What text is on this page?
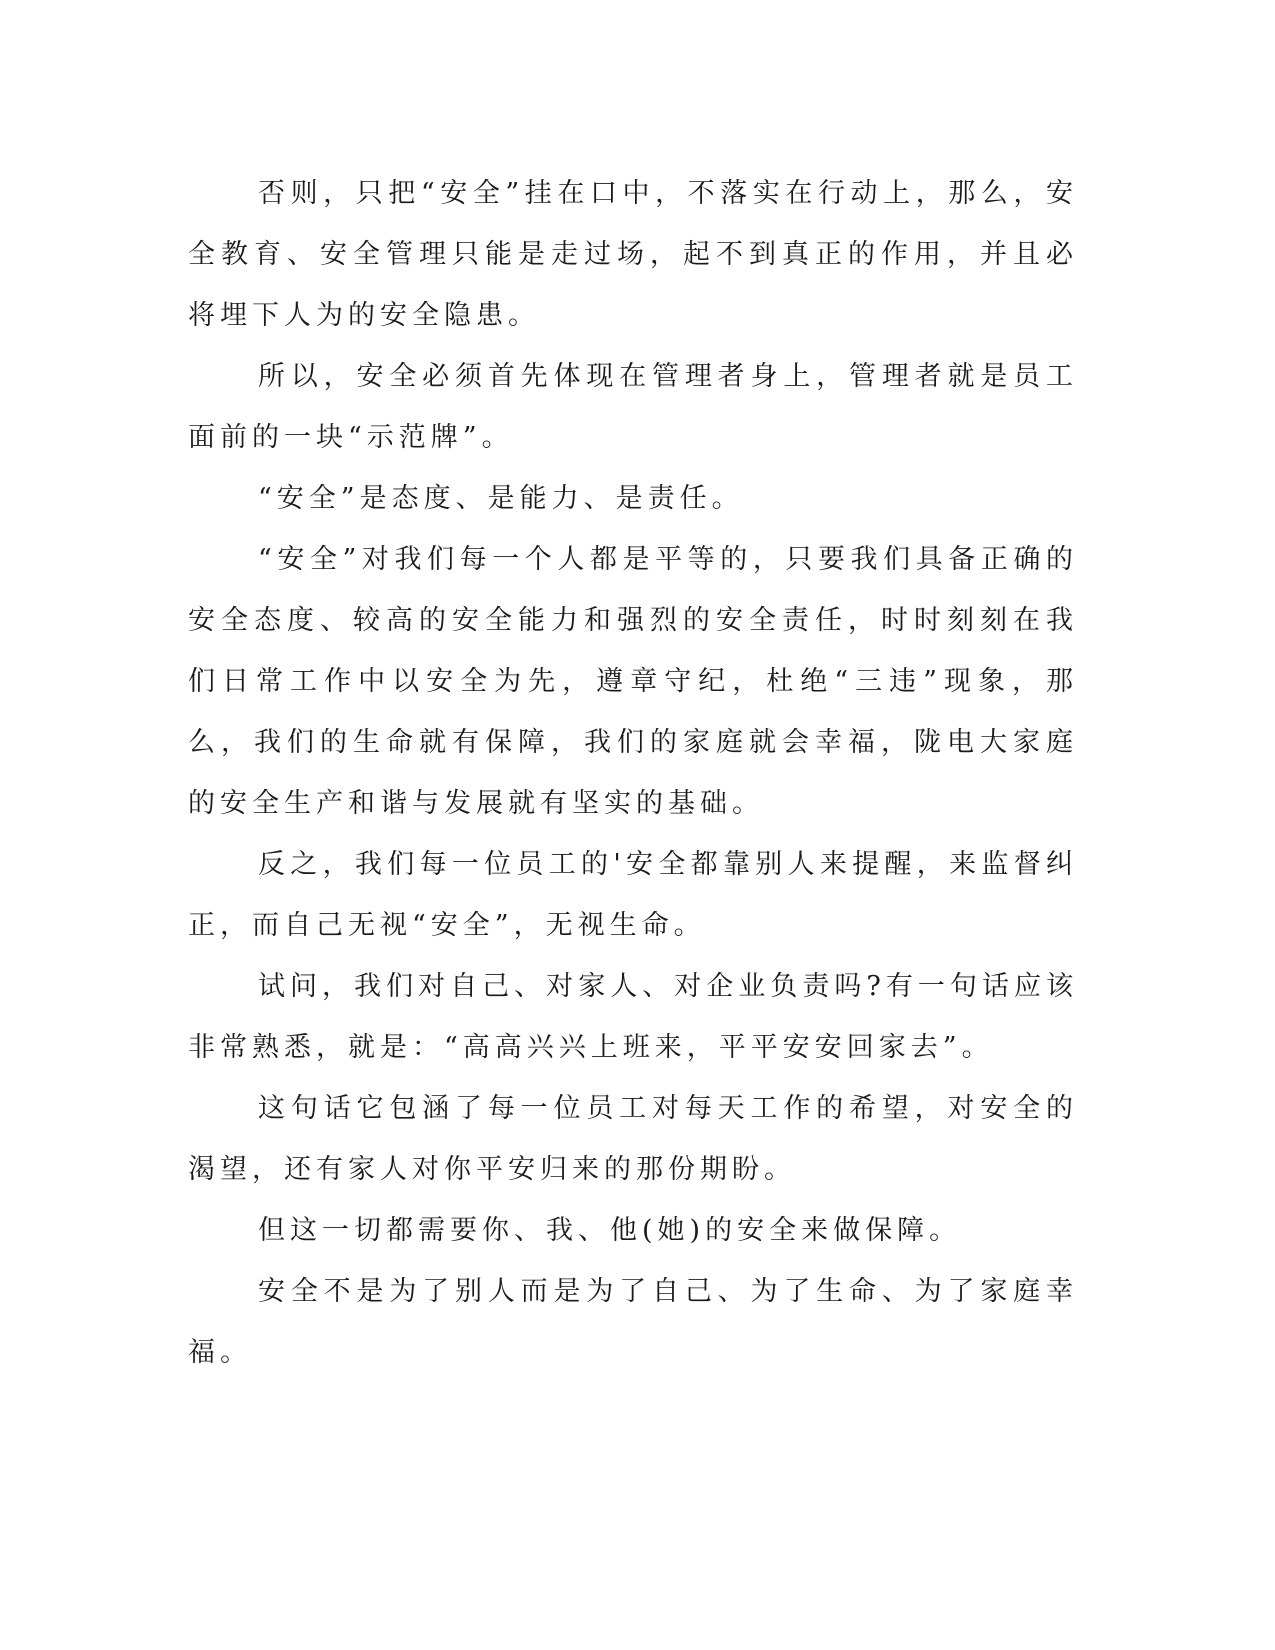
否则，只把“安全”挂在口中，不落实在行动上，那么，安全教育、安全管理只能是走过场，起不到真正的作用，并且必将埋下人为的安全隐患。

所以，安全必须首先体现在管理者身上，管理者就是员工面前的一块“示范牌”。

“安全”是态度、是能力、是责任。

“安全”对我们每一个人都是平等的，只要我们具备正确的安全态度、较高的安全能力和强烈的安全责任，时时刻刻在我们日常工作中以安全为先，遵章守纪，杜绝“三违”现象，那么，我们的生命就有保障，我们的家庭就会幸福，陇电大家庭的安全生产和谐与发展就有坚实的基础。

反之，我们每一位员工的'安全都靠别人来提醒，来监督纠正，而自己无视“安全”，无视生命。

试问，我们对自己、对家人、对企业负责吗?有一句话应该非常熟悉，就是：“高高兴兴上班来，平平安安回家去”。

这句话它包涵了每一位员工对每天工作的希望，对安全的渴望，还有家人对你平安归来的那份期盼。

但这一切都需要你、我、他(她)的安全来做保障。

安全不是为了别人而是为了自己、为了生命、为了家庭幸福。
